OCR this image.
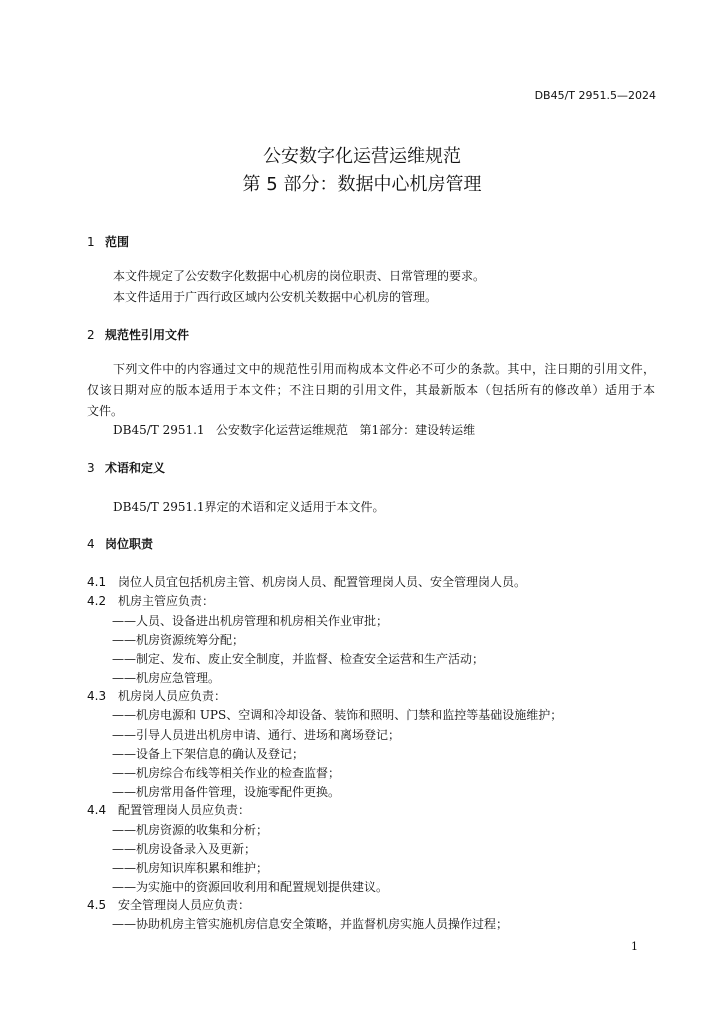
DB45/T 2951.5—2024
公安数字化运营运维规范
第 5 部分：数据中心机房管理
1 范围
本文件规定了公安数字化数据中心机房的岗位职责、日常管理的要求。
本文件适用于广西行政区域内公安机关数据中心机房的管理。
2 规范性引用文件
下列文件中的内容通过文中的规范性引用而构成本文件必不可少的条款。其中，注日期的引用文件，
仅该日期对应的版本适用于本文件；不注日期的引用文件，其最新版本（包括所有的修改单）适用于本
文件。
DB45/T 2951.1   公安数字化运营运维规范   第1部分：建设转运维
3 术语和定义
DB45/T 2951.1界定的术语和定义适用于本文件。
4 岗位职责
4.1 岗位人员宜包括机房主管、机房岗人员、配置管理岗人员、安全管理岗人员。
4.2 机房主管应负责：
——人员、设备进出机房管理和机房相关作业审批；
——机房资源统筹分配；
——制定、发布、废止安全制度，并监督、检查安全运营和生产活动；
——机房应急管理。
4.3 机房岗人员应负责：
——机房电源和 UPS、空调和冷却设备、装饰和照明、门禁和监控等基础设施维护；
——引导人员进出机房申请、通行、进场和离场登记；
——设备上下架信息的确认及登记；
——机房综合布线等相关作业的检查监督；
——机房常用备件管理，设施零配件更换。
4.4 配置管理岗人员应负责：
——机房资源的收集和分析；
——机房设备录入及更新；
——机房知识库积累和维护；
——为实施中的资源回收利用和配置规划提供建议。
4.5 安全管理岗人员应负责：
——协助机房主管实施机房信息安全策略，并监督机房实施人员操作过程；
1
